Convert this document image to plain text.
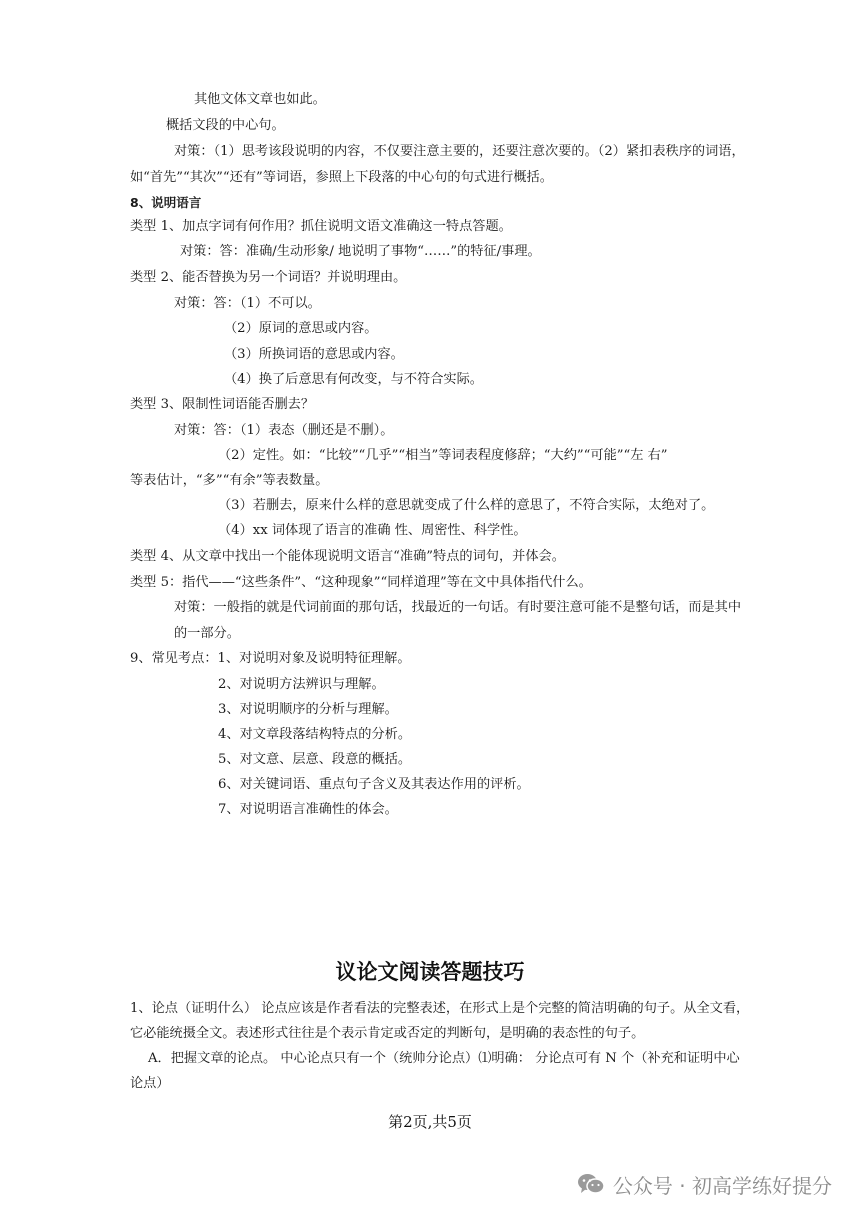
其他文体文章也如此。
概括文段的中心句。
对策：（1）思考该段说明的内容，不仅要注意主要的，还要注意次要的。（2）紧扣表秩序的词语，
如“首先”“其次”“还有”等词语，参照上下段落的中心句的句式进行概括。
8、说明语言
类型 1、加点字词有何作用？抓住说明文语文准确这一特点答题。
对策：答：准确/生动形象/ 地说明了事物“……”的特征/事理。
类型 2、能否替换为另一个词语？并说明理由。
对策：答：（1）不可以。
（2）原词的意思或内容。
（3）所换词语的意思或内容。
（4）换了后意思有何改变，与不符合实际。
类型 3、限制性词语能否删去？
对策：答：（1）表态（删还是不删）。
（2）定性。如：“比较”“几乎”“相当”等词表程度修辞；“大约”“可能”“左 右”
等表估计，“多”“有余”等表数量。
（3）若删去，原来什么样的意思就变成了什么样的意思了，不符合实际，太绝对了。
（4）xx 词体现了语言的准确 性、周密性、科学性。
类型 4、从文章中找出一个能体现说明文语言“准确”特点的词句，并体会。
类型 5：指代——“这些条件”、“这种现象”“同样道理”等在文中具体指代什么。
对策：一般指的就是代词前面的那句话，找最近的一句话。有时要注意可能不是整句话，而是其中
的一部分。
9、常见考点：1、对说明对象及说明特征理解。
2、对说明方法辨识与理解。
3、对说明顺序的分析与理解。
4、对文章段落结构特点的分析。
5、对文意、层意、段意的概括。
6、对关键词语、重点句子含义及其表达作用的评析。
7、对说明语言准确性的体会。
议论文阅读答题技巧
1、论点（证明什么） 论点应该是作者看法的完整表述，在形式上是个完整的简洁明确的句子。从全文看，
它必能统摄全文。表述形式往往是个表示肯定或否定的判断句，是明确的表态性的句子。
A．把握文章的论点。 中心论点只有一个（统帅分论点）⑴明确： 分论点可有 N 个（补充和证明中心
论点）
第2页,共5页
公众号 · 初高学练好提分
